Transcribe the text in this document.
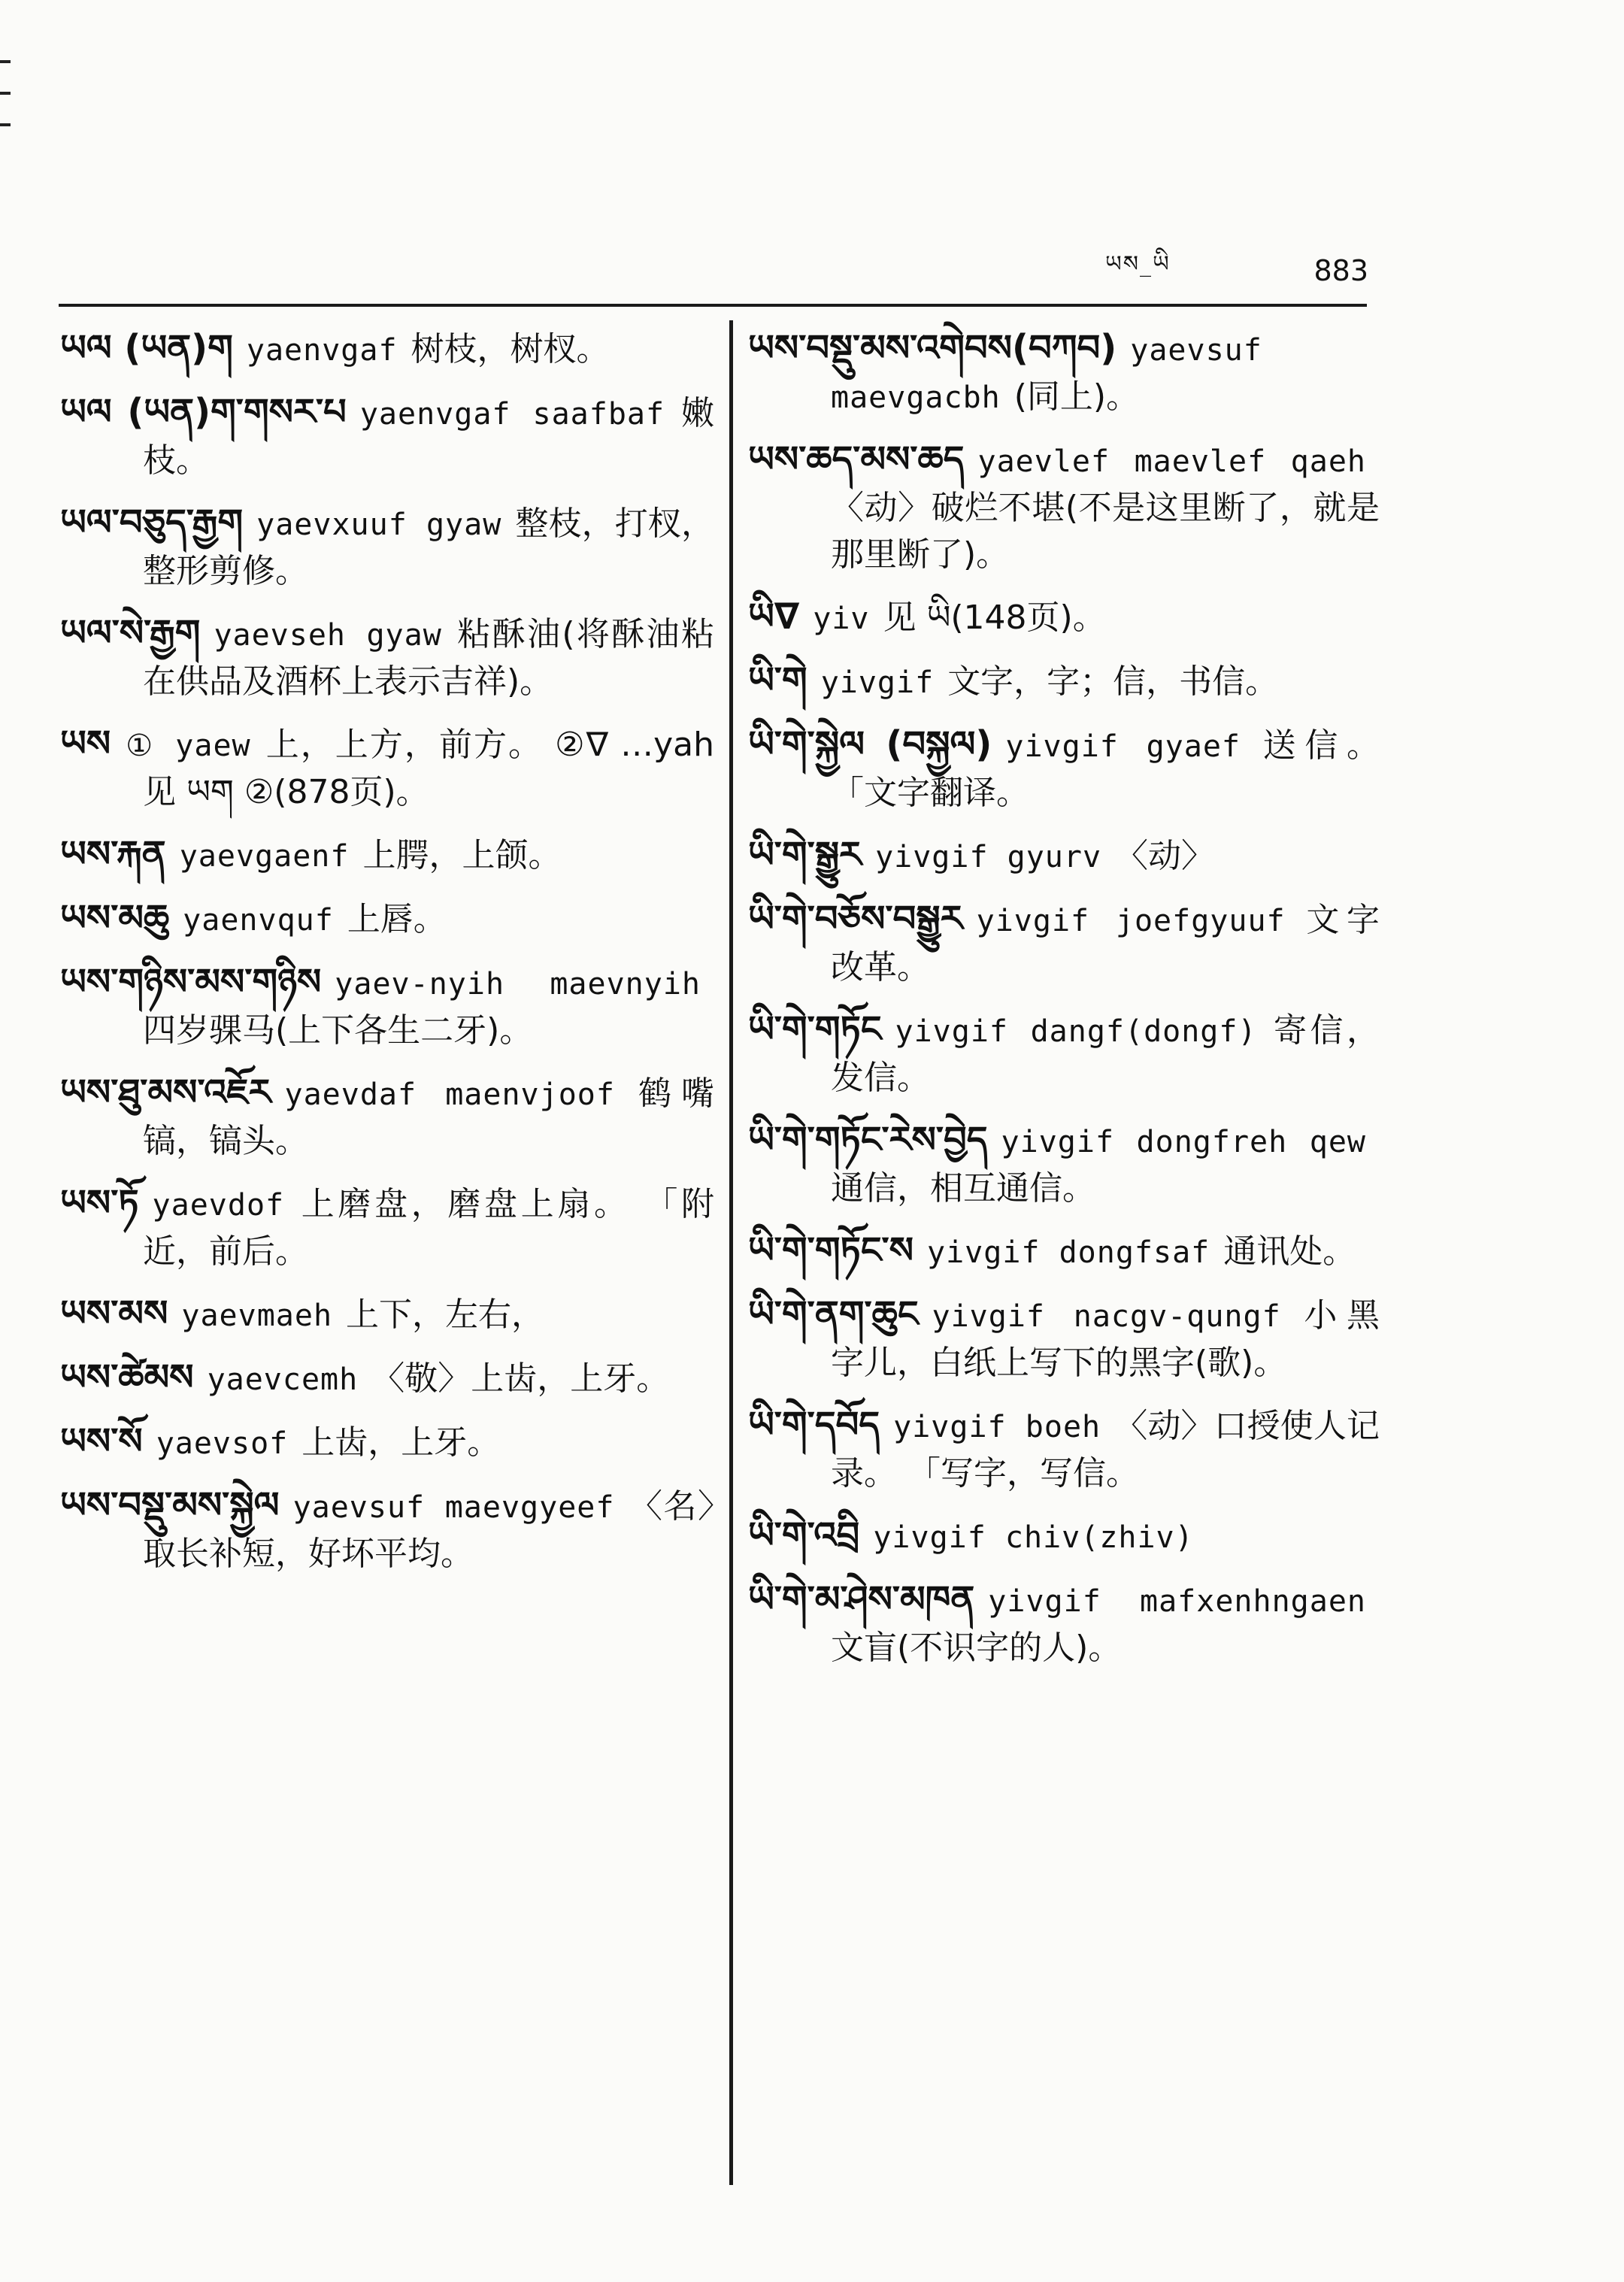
ཡས_ཡི	883
ཡལ (ཡན)ག yaenvgaf 树枝，树杈。
ཡལ (ཡན)ག་གསར་པ yaenvgaf saafbaf 嫩枝。
ཡལ་བཅུད་རྒྱག yaevxuuf gyaw 整枝，打杈，整形剪修。
ཡལ་སེ་རྒྱག yaevseh gyaw 粘酥油(将酥油粘在供品及酒杯上表示吉祥)。
ཡས ① yaew 上，上方，前方。 ②∇ …yah 见 ཡག ②(878页)。
ཡས་རྐན yaevgaenf 上腭，上颌。
ཡས་མཆུ yaenvquf 上唇。
ཡས་གཉིས་མས་གཉིས yaev-nyih maevnyih四岁骒马(上下各生二牙)。
ཡས་ཐུ་མས་འཇོར yaevdaf maenvjoof 鹤嘴镐，镐头。
ཡས་ཏོ yaevdof 上磨盘，磨盘上扇。 「附近，前后。
ཡས་མས yaevmaeh 上下，左右，
ཡས་ཚེམས yaevcemh 〈敬〉上齿，上牙。
ཡས་སོ yaevsof 上齿，上牙。
ཡས་བསྡུ་མས་སྐྱེལ yaevsuf maevgyeef 〈名〉取长补短，好坏平均。
ཡས་བསྡུ་མས་འགེབས(བཀབ) yaevsuf maevgacbh (同上)。
ཡས་ཆད་མས་ཆད yaevlef maevlef qaeh〈动〉破烂不堪(不是这里断了，就是那里断了)。
ཡི∇ yiv 见 ཡི(148页)。
ཡི་གེ yivgif 文字，字；信，书信。
ཡི་གེ་སྐྱེལ (བསྐྱལ) yivgif gyaef 送信。 「文字翻译。
ཡི་གེ་སྒྱུར yivgif gyurv 〈动〉
ཡི་གེ་བཅོས་བསྒྱུར yivgif joefgyuuf 文字改革。
ཡི་གེ་གཏོང yivgif dangf(dongf) 寄信，发信。
ཡི་གེ་གཏོང་རེས་བྱེད yivgif dongfreh qew通信，相互通信。
ཡི་གེ་གཏོང་ས yivgif dongfsaf 通讯处。
ཡི་གེ་ནག་ཆུང yivgif nacgv-qungf 小黑字儿，白纸上写下的黑字(歌)。
ཡི་གེ་དབོད yivgif boeh 〈动〉口授使人记录。 「写字，写信。
ཡི་གེ་འབྲི yivgif chiv(zhiv)
ཡི་གེ་མ་ཤེས་མཁན yivgif mafxenhngaen文盲(不识字的人)。
